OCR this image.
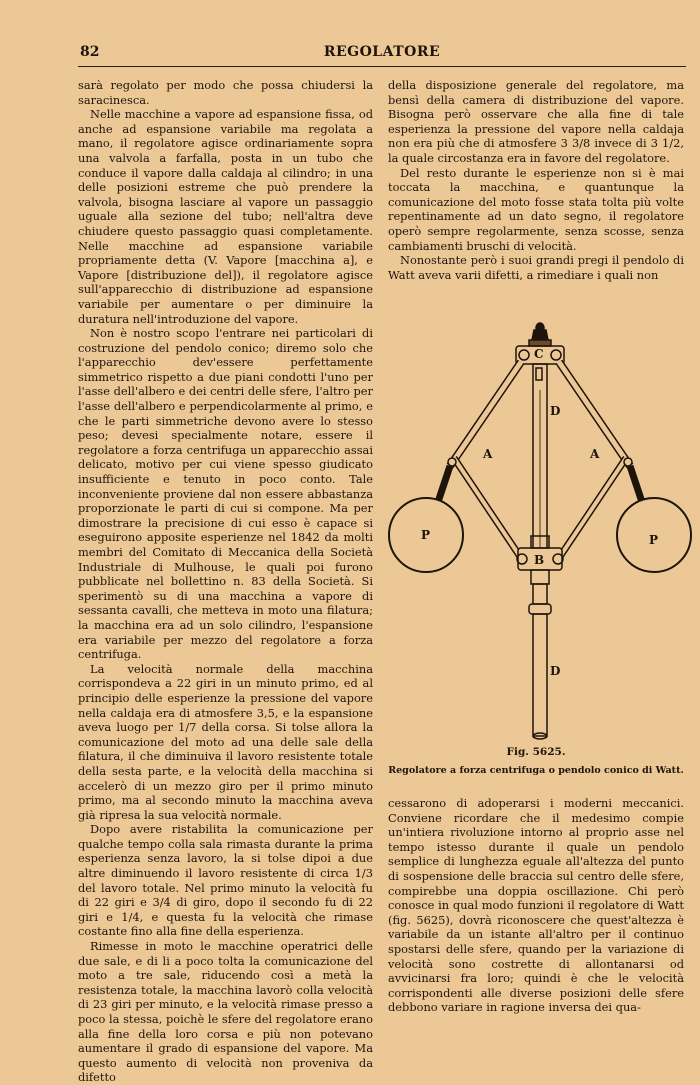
82	REGOLATORE

sarà regolato per modo che possa chiudersi la saracinesca.

Nelle macchine a vapore ad espansione fissa, od anche ad espansione variabile ma regolata a mano, il regolatore agisce ordinariamente sopra una valvola a farfalla, posta in un tubo che conduce il vapore dalla caldaja al cilindro; in una delle posizioni estreme che può prendere la valvola, bisogna lasciare al vapore un passaggio uguale alla sezione del tubo; nell'altra deve chiudere questo passaggio quasi completamente. Nelle macchine ad espansione variabile propriamente detta (V. Vapore [macchina a], e Vapore [distribuzione del]), il regolatore agisce sull'apparecchio di distribuzione ad espansione variabile per aumentare o per diminuire la duratura nell'introduzione del vapore.

Non è nostro scopo l'entrare nei particolari di costruzione del pendolo conico; diremo solo che l'apparecchio dev'essere perfettamente simmetrico rispetto a due piani condotti l'uno per l'asse dell'albero e dei centri delle sfere, l'altro per l'asse dell'albero e perpendicolarmente al primo, e che le parti simmetriche devono avere lo stesso peso; devesi specialmente notare, essere il regolatore a forza centrifuga un apparecchio assai delicato, motivo per cui viene spesso giudicato insufficiente e tenuto in poco conto. Tale inconveniente proviene dal non essere abbastanza proporzionate le parti di cui si compone. Ma per dimostrare la precisione di cui esso è capace si eseguirono apposite esperienze nel 1842 da molti membri del Comitato di Meccanica della Società Industriale di Mulhouse, le quali poi furono pubblicate nel bollettino n. 83 della Società. Si sperimentò su di una macchina a vapore di sessanta cavalli, che metteva in moto una filatura; la macchina era ad un solo cilindro, l'espansione era variabile per mezzo del regolatore a forza centrifuga.

La velocità normale della macchina corrispondeva a 22 giri in un minuto primo, ed al principio delle esperienze la pressione del vapore nella caldaja era di atmosfere 3,5, e la espansione aveva luogo per 1/7 della corsa. Si tolse allora la comunicazione del moto ad una delle sale della filatura, il che diminuiva il lavoro resistente totale della sesta parte, e la velocità della macchina si accelerò di un mezzo giro per il primo minuto primo, ma al secondo minuto la macchina aveva già ripresa la sua velocità normale.

Dopo avere ristabilita la comunicazione per qualche tempo colla sala rimasta durante la prima esperienza senza lavoro, la si tolse dipoi a due altre diminuendo il lavoro resistente di circa 1/3 del lavoro totale. Nel primo minuto la velocità fu di 22 giri e 3/4 di giro, dopo il secondo fu di 22 giri e 1/4, e questa fu la velocità che rimase costante fino alla fine della esperienza.

Rimesse in moto le macchine operatrici delle due sale, e di li a poco tolta la comunicazione del moto a tre sale, riducendo così a metà la resistenza totale, la macchina lavorò colla velocità di 23 giri per minuto, e la velocità rimase presso a poco la stessa, poichè le sfere del regolatore erano alla fine della loro corsa e più non potevano aumentare il grado di espansione del vapore. Ma questo aumento di velocità non proveniva da difetto

della disposizione generale del regolatore, ma bensì della camera di distribuzione del vapore. Bisogna però osservare che alla fine di tale esperienza la pressione del vapore nella caldaja non era più che di atmosfere 3 3/8 invece di 3 1/2, la quale circostanza era in favore del regolatore.

Del resto durante le esperienze non si è mai toccata la macchina, e quantunque la comunicazione del moto fosse stata tolta più volte repentinamente ad un dato segno, il regolatore operò sempre regolarmente, senza scosse, senza cambiamenti bruschi di velocità.

Nonostante però i suoi grandi pregi il pendolo di Watt aveva varii difetti, a rimediare i quali non

C
A	A
D
P	P
B
D
Fig. 5625.
Regolatore a forza centrifuga o pendolo conico di Watt.

cessarono di adoperarsi i moderni meccanici. Conviene ricordare che il medesimo compie un'intiera rivoluzione intorno al proprio asse nel tempo istesso durante il quale un pendolo semplice di lunghezza eguale all'altezza del punto di sospensione delle braccia sul centro delle sfere, compirebbe una doppia oscillazione. Chi però conosce in qual modo funzioni il regolatore di Watt (fig. 5625), dovrà riconoscere che quest'altezza è variabile da un istante all'altro per il continuo spostarsi delle sfere, quando per la variazione di velocità sono costrette di allontanarsi od avvicinarsi fra loro; quindi è che le velocità corrispondenti alle diverse posizioni delle sfere debbono variare in ragione inversa dei qua-
